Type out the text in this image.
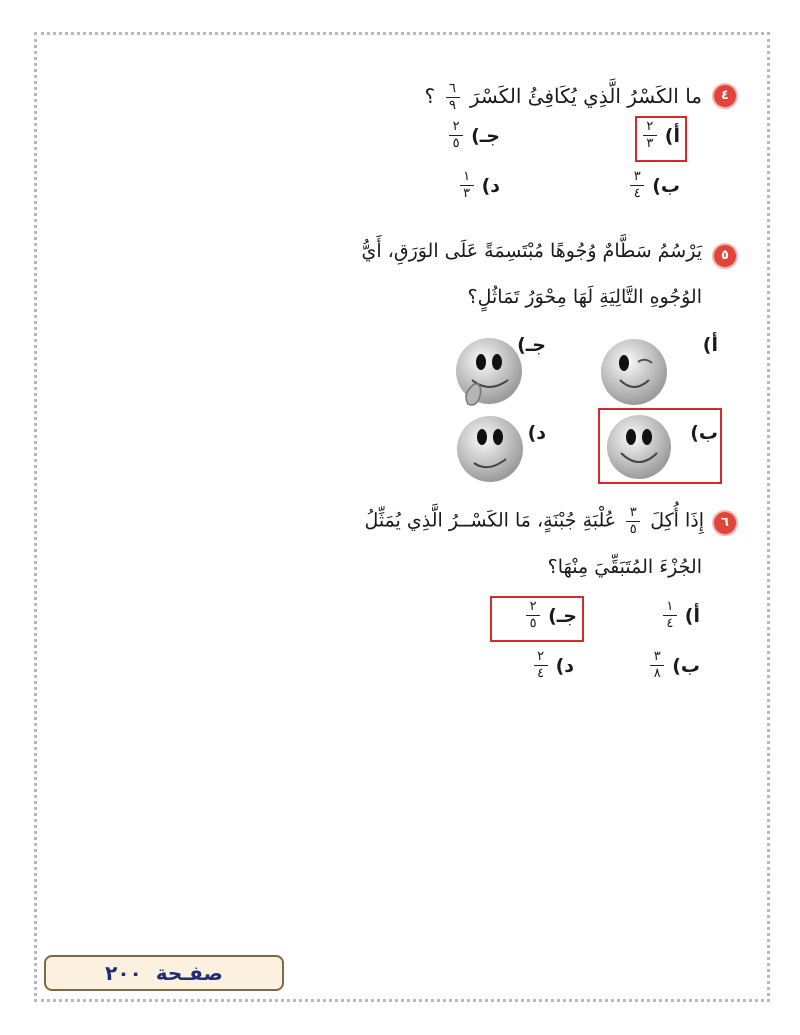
٤
ما الكَسْرُ الَّذِي يُكَافِئُ الكَسْرَ
$\frac{٦}{٩}$
؟
أ)
$\frac{٢}{٣}$
جـ)
$\frac{٢}{٥}$
ب)
$\frac{٣}{٤}$
د)
$\frac{١}{٣}$
٥
يَرْسُمُ سَطَّامٌ وُجُوهًا مُبْتَسِمَةً عَلَى الوَرَقِ، أَيُّ
الوُجُوهِ التَّالِيَةِ لَهَا مِحْوَرُ تَمَاثُلٍ؟
أ)
جـ)
ب)
د)
٦
إِذَا أُكِلَ
$\frac{٣}{٥}$
عُلْبَةِ جُبْنَةٍ، مَا الكَسْــرُ الَّذِي يُمَثِّلُ
الجُزْءَ المُتَبَقِّيَ مِنْهَا؟
أ)
$\frac{١}{٤}$
جـ)
$\frac{٢}{٥}$
ب)
$\frac{٣}{٨}$
د)
$\frac{٢}{٤}$
صفـحة
٢٠٠
